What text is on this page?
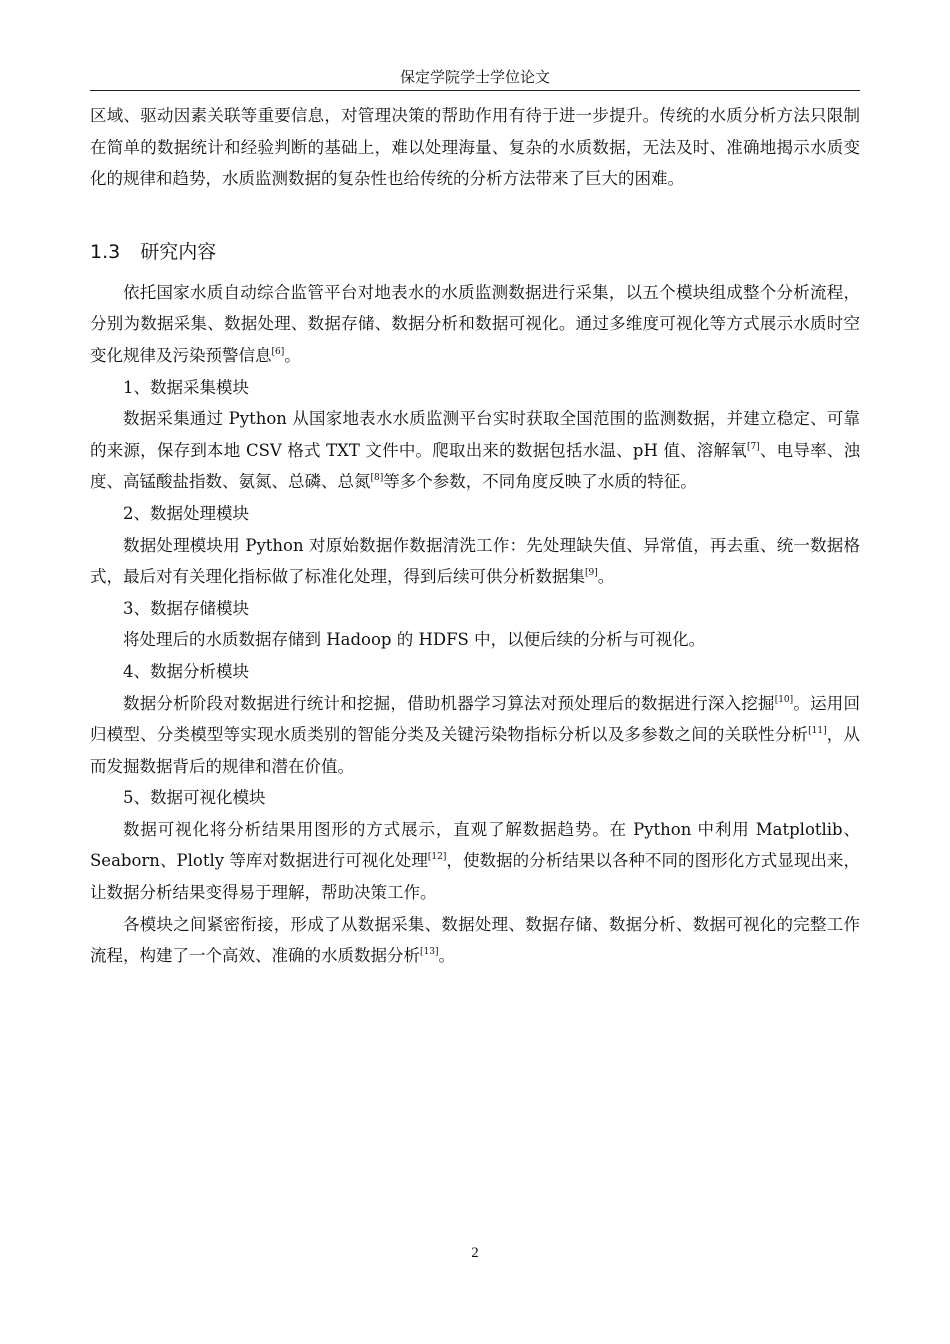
保定学院学士学位论文

区域、驱动因素关联等重要信息，对管理决策的帮助作用有待于进一步提升。传统的水质分析方法只限制在简单的数据统计和经验判断的基础上，难以处理海量、复杂的水质数据，无法及时、准确地揭示水质变化的规律和趋势，水质监测数据的复杂性也给传统的分析方法带来了巨大的困难。

1.3 研究内容

依托国家水质自动综合监管平台对地表水的水质监测数据进行采集，以五个模块组成整个分析流程，分别为数据采集、数据处理、数据存储、数据分析和数据可视化。通过多维度可视化等方式展示水质时空变化规律及污染预警信息[6]。

1、数据采集模块

数据采集通过 Python 从国家地表水水质监测平台实时获取全国范围的监测数据，并建立稳定、可靠的来源，保存到本地 CSV 格式 TXT 文件中。爬取出来的数据包括水温、pH 值、溶解氧[7]、电导率、浊度、高锰酸盐指数、氨氮、总磷、总氮[8]等多个参数，不同角度反映了水质的特征。

2、数据处理模块

数据处理模块用 Python 对原始数据作数据清洗工作：先处理缺失值、异常值，再去重、统一数据格式，最后对有关理化指标做了标准化处理，得到后续可供分析数据集[9]。

3、数据存储模块

将处理后的水质数据存储到 Hadoop 的 HDFS 中，以便后续的分析与可视化。

4、数据分析模块

数据分析阶段对数据进行统计和挖掘，借助机器学习算法对预处理后的数据进行深入挖掘[10]。运用回归模型、分类模型等实现水质类别的智能分类及关键污染物指标分析以及多参数之间的关联性分析[11]，从而发掘数据背后的规律和潜在价值。

5、数据可视化模块

数据可视化将分析结果用图形的方式展示，直观了解数据趋势。在 Python 中利用 Matplotlib、Seaborn、Plotly 等库对数据进行可视化处理[12]，使数据的分析结果以各种不同的图形化方式显现出来，让数据分析结果变得易于理解，帮助决策工作。

各模块之间紧密衔接，形成了从数据采集、数据处理、数据存储、数据分析、数据可视化的完整工作流程，构建了一个高效、准确的水质数据分析[13]。

2
